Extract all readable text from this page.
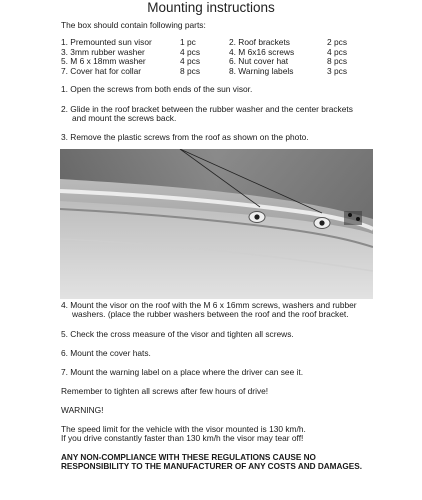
Mounting instructions
The box should contain following parts:
1. Premounted sun visor	1 pc	2. Roof brackets	2 pcs
3. 3mm rubber washer	4 pcs	4. M 6x16 screws	4 pcs
5. M 6 x 18mm washer	4 pcs	6. Nut cover hat	8 pcs
7. Cover hat for collar	8 pcs	8. Warning labels	3 pcs
1. Open the screws from both ends of the sun visor.
2. Glide in the roof bracket between the rubber washer and the center brackets
and mount the screws back.
3. Remove the plastic screws from the roof as shown on the photo.
4. Mount the visor on the roof with the M 6 x 16mm screws, washers and rubber
washers. (place the rubber washers between the roof and the roof bracket.
5. Check the cross measure of the visor and tighten all screws.
6. Mount the cover hats.
7. Mount the warning label on a place where the driver can see it.
Remember to tighten all screws after few hours of drive!
WARNING!
The speed limit for the vehicle with the visor mounted is 130 km/h.
If you drive constantly faster than 130 km/h the visor may tear off!
ANY NON-COMPLIANCE WITH THESE REGULATIONS CAUSE NO
RESPONSIBILITY TO THE MANUFACTURER OF ANY COSTS AND DAMAGES.
